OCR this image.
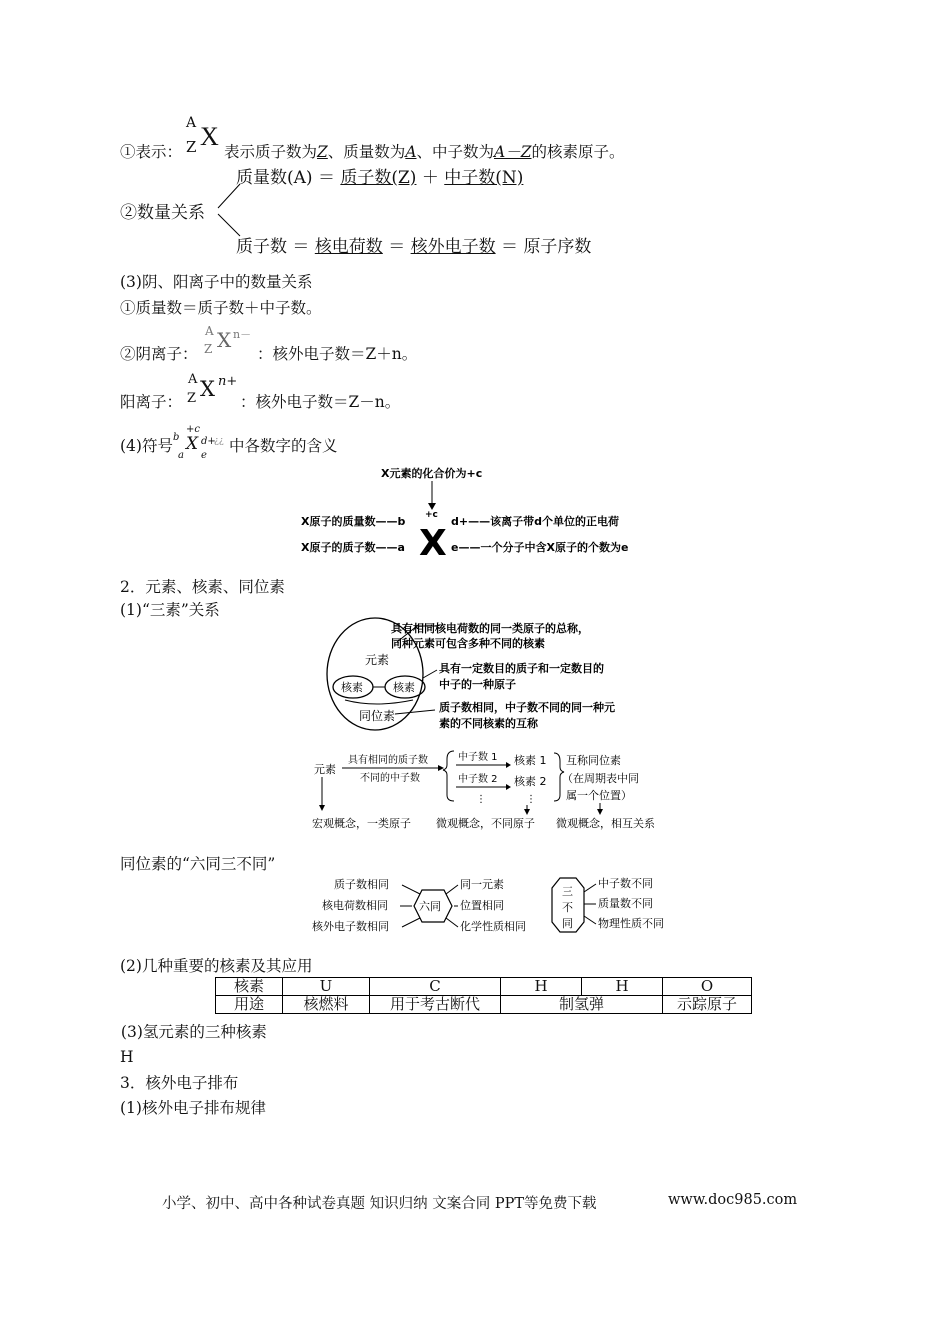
①表示：
A
Z X
表示质子数为Z、质量数为A、中子数为A－Z的核素原子。
②数量关系
质量数(A) ＝ 质子数(Z) ＋ 中子数(N)
质子数 ＝ 核电荷数 ＝ 核外电子数 ＝ 原子序数
(3)阴、阳离子中的数量关系
①质量数＝质子数＋中子数。
②阴离子：
A
Z X n－
：核外电子数＝Z＋n。
阳离子：
A
Z X n+
：核外电子数＝Z－n。
(4)符号 b
+c
a
X
e
d+
¿¿ 中各数字的含义
X元素的化合价为+c
+c
X原子的质量数——b
X原子的质子数——a X
d+——该离子带d个单位的正电荷
e——一个分子中含X原子的个数为e
2．元素、核素、同位素
(1)“三素”关系
元素
核素	核素
同位素
具有相同核电荷数的同一类原子的总称，
同种元素可包含多种不同的核素
具有一定数目的质子和一定数目的
中子的一种原子
质子数相同，中子数不同的同一种元
素的不同核素的互称
元素
具有相同的质子数
不同的中子数
中子数 1
中子数 2
⋮
核素 1
核素 2
⋮
互称同位素
（在周期表中同
属一个位置）
宏观概念，一类原子 微观概念，不同原子 微观概念，相互关系
同位素的“六同三不同”
质子数相同
核电荷数相同
核外电子数相同
六同
同一元素
位置相同
化学性质相同
三
不
同
中子数不同
质量数不同
物理性质不同
(2)几种重要的核素及其应用
核素	U	C	H	H	O
用途	核燃料	用于考古断代	制氢弹		示踪原子
(3)氢元素的三种核素
H
3．核外电子排布
(1)核外电子排布规律
小学、初中、高中各种试卷真题 知识归纳 文案合同 PPT等免费下载	www.doc985.com
